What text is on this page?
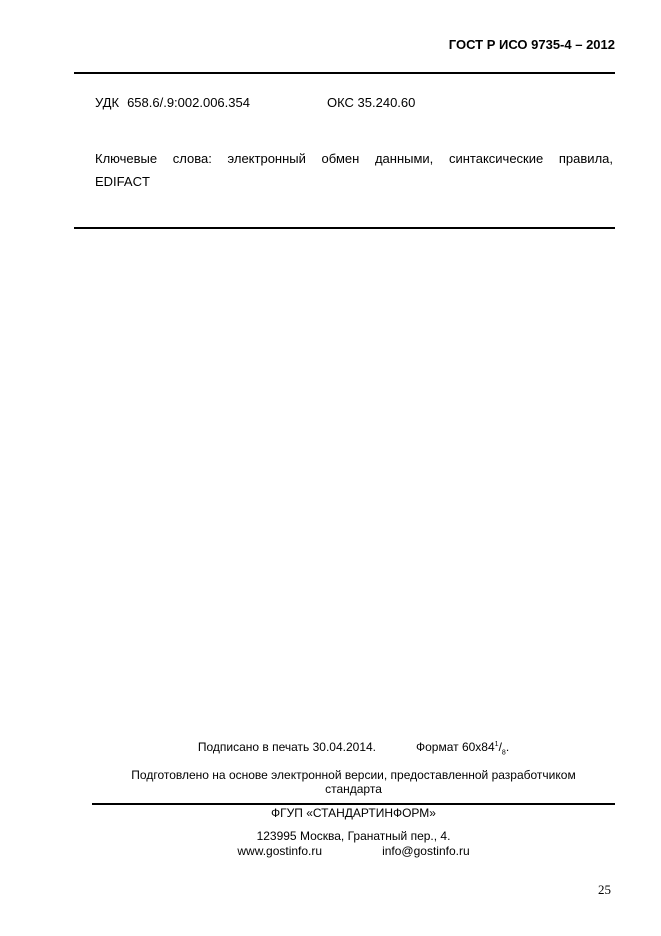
ГОСТ Р ИСО 9735-4 – 2012
УДК 658.6/.9:002.006.354	ОКС 35.240.60
Ключевые слова: электронный обмен данными, синтаксические правила,
EDIFACT
Подписано в печать 30.04.2014.	Формат $60x84^1/_8$.
Подготовлено на основе электронной версии, предоставленной разработчиком
стандарта
ФГУП «СТАНДАРТИНФОРМ»
123995 Москва, Гранатный пер., 4.
www.gostinfo.ru	info@gostinfo.ru
25
